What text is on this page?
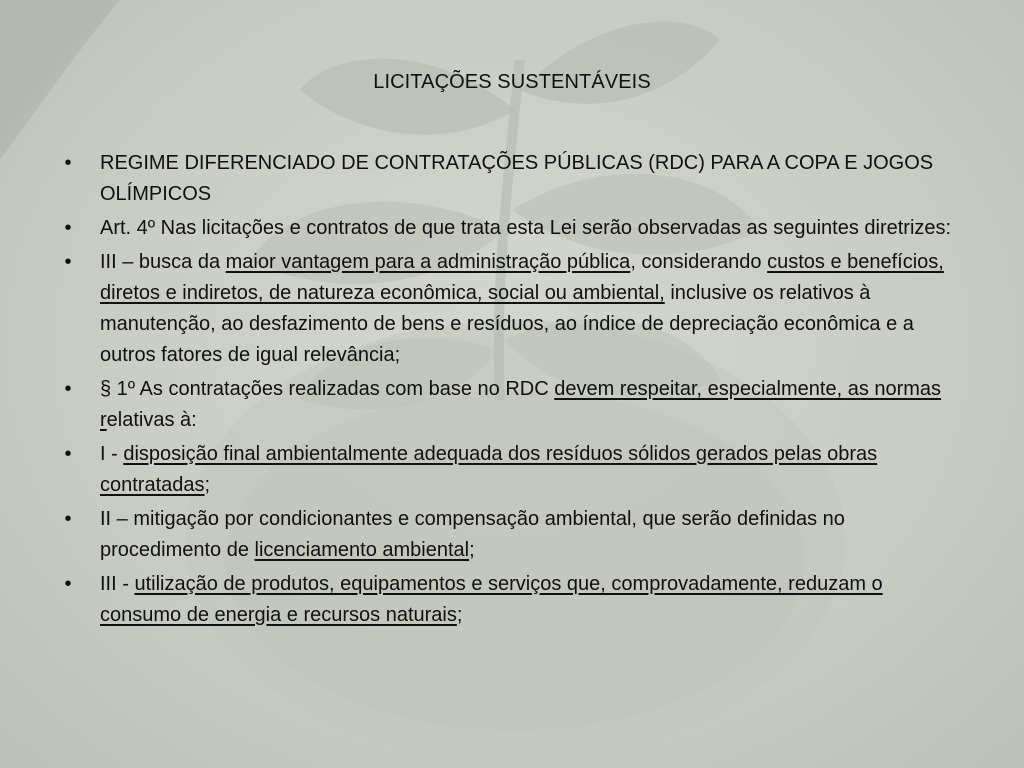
LICITAÇÕES SUSTENTÁVEIS
•	REGIME DIFERENCIADO DE CONTRATAÇÕES PÚBLICAS (RDC) PARA A COPA E JOGOS OLÍMPICOS
•	Art. 4º Nas licitações e contratos de que trata esta Lei serão observadas as seguintes diretrizes:
•	III – busca da maior vantagem para a administração pública, considerando custos e benefícios, diretos e indiretos, de natureza econômica, social ou ambiental, inclusive os relativos à manutenção, ao desfazimento de bens e resíduos, ao índice de depreciação econômica e a outros fatores de igual relevância;
•	§ 1º As contratações realizadas com base no RDC devem respeitar, especialmente, as normas relativas à:
•	I - disposição final ambientalmente adequada dos resíduos sólidos gerados pelas obras contratadas;
•	II – mitigação por condicionantes e compensação ambiental, que serão definidas no procedimento de licenciamento ambiental;
•	III - utilização de produtos, equipamentos e serviços que, comprovadamente, reduzam o consumo de energia e recursos naturais;
